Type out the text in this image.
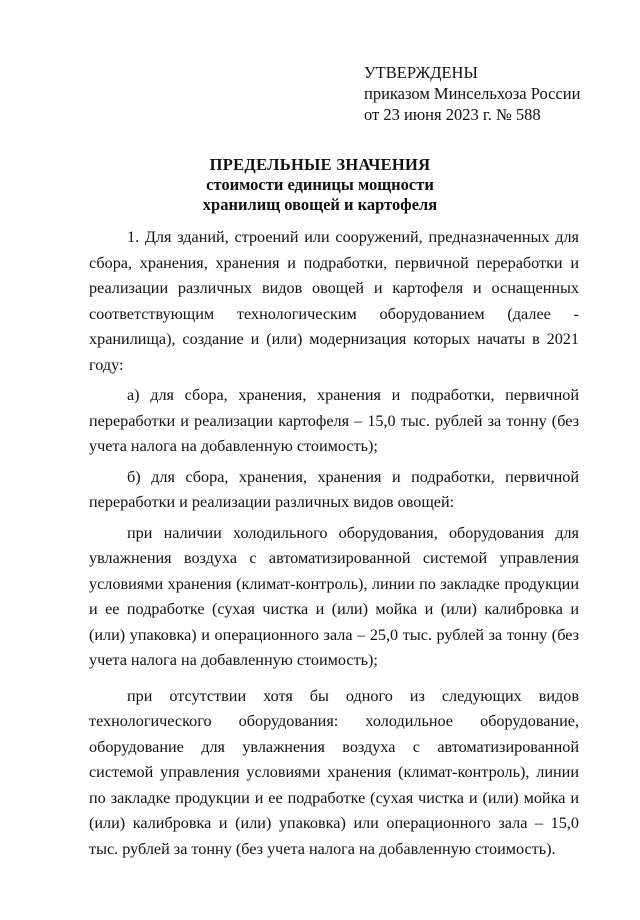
УТВЕРЖДЕНЫ
приказом Минсельхоза России
от 23 июня 2023 г. № 588
ПРЕДЕЛЬНЫЕ ЗНАЧЕНИЯ
стоимости единицы мощности
хранилищ овощей и картофеля

1. Для зданий, строений или сооружений, предназначенных для сбора, хранения, хранения и подработки, первичной переработки и реализации различных видов овощей и картофеля и оснащенных соответствующим технологическим оборудованием (далее - хранилища), создание и (или) модернизация которых начаты в 2021 году:

а) для сбора, хранения, хранения и подработки, первичной переработки и реализации картофеля – 15,0 тыс. рублей за тонну (без учета налога на добавленную стоимость);

б) для сбора, хранения, хранения и подработки, первичной переработки и реализации различных видов овощей:

при наличии холодильного оборудования, оборудования для увлажнения воздуха с автоматизированной системой управления условиями хранения (климат-контроль), линии по закладке продукции и ее подработке (сухая чистка и (или) мойка и (или) калибровка и (или) упаковка) и операционного зала – 25,0 тыс. рублей за тонну (без учета налога на добавленную стоимость);

при отсутствии хотя бы одного из следующих видов технологического оборудования: холодильное оборудование, оборудование для увлажнения воздуха с автоматизированной системой управления условиями хранения (климат-контроль), линии по закладке продукции и ее подработке (сухая чистка и (или) мойка и (или) калибровка и (или) упаковка) или операционного зала – 15,0 тыс. рублей за тонну (без учета налога на добавленную стоимость).
